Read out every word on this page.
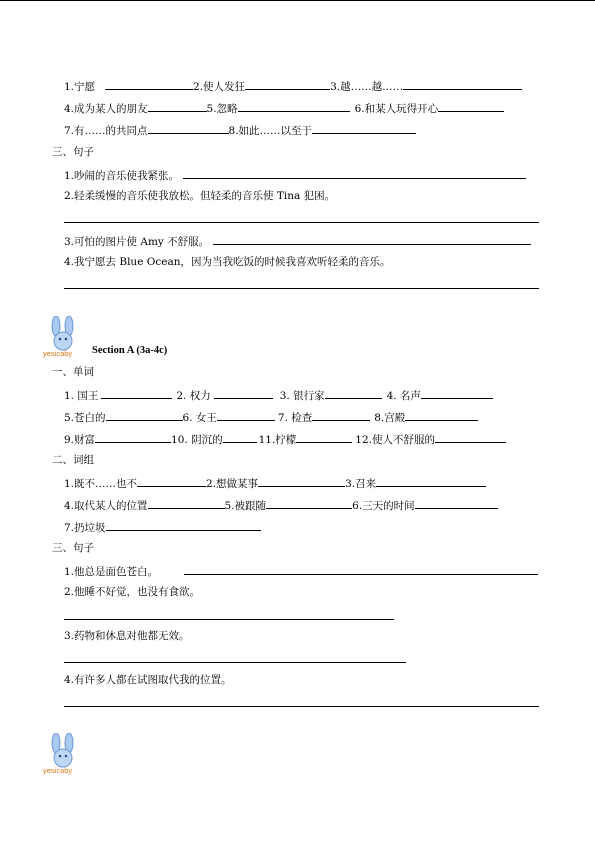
1.宁愿	2.使人发狂	3.越……越……
4.成为某人的朋友	5.忽略	6.和某人玩得开心
7.有……的共同点	8.如此……以至于
三、句子
1.吵闹的音乐使我紧张。
2.轻柔缓慢的音乐使我放松。但轻柔的音乐使 Tina 犯困。
3.可怕的图片使 Amy 不舒服。
4.我宁愿去 Blue Ocean，因为当我吃饭的时候我喜欢听轻柔的音乐。
yesicaby Section A (3a-4c)
一、单词
1. 国王	2. 权力	3. 银行家	4. 名声
5.苍白的	6. 女王	7. 检查	8.宫殿
9.财富	10. 阴沉的	11.柠檬	12.使人不舒服的
二、词组
1.既不……也不	2.想做某事	3.召来
4.取代某人的位置	5.被跟随	6.三天的时间
7.扔垃圾
三、句子
1.他总是面色苍白。
2.他睡不好觉，也没有食欲。
3.药物和休息对他都无效。
4.有许多人都在试图取代我的位置。
yesicaby
